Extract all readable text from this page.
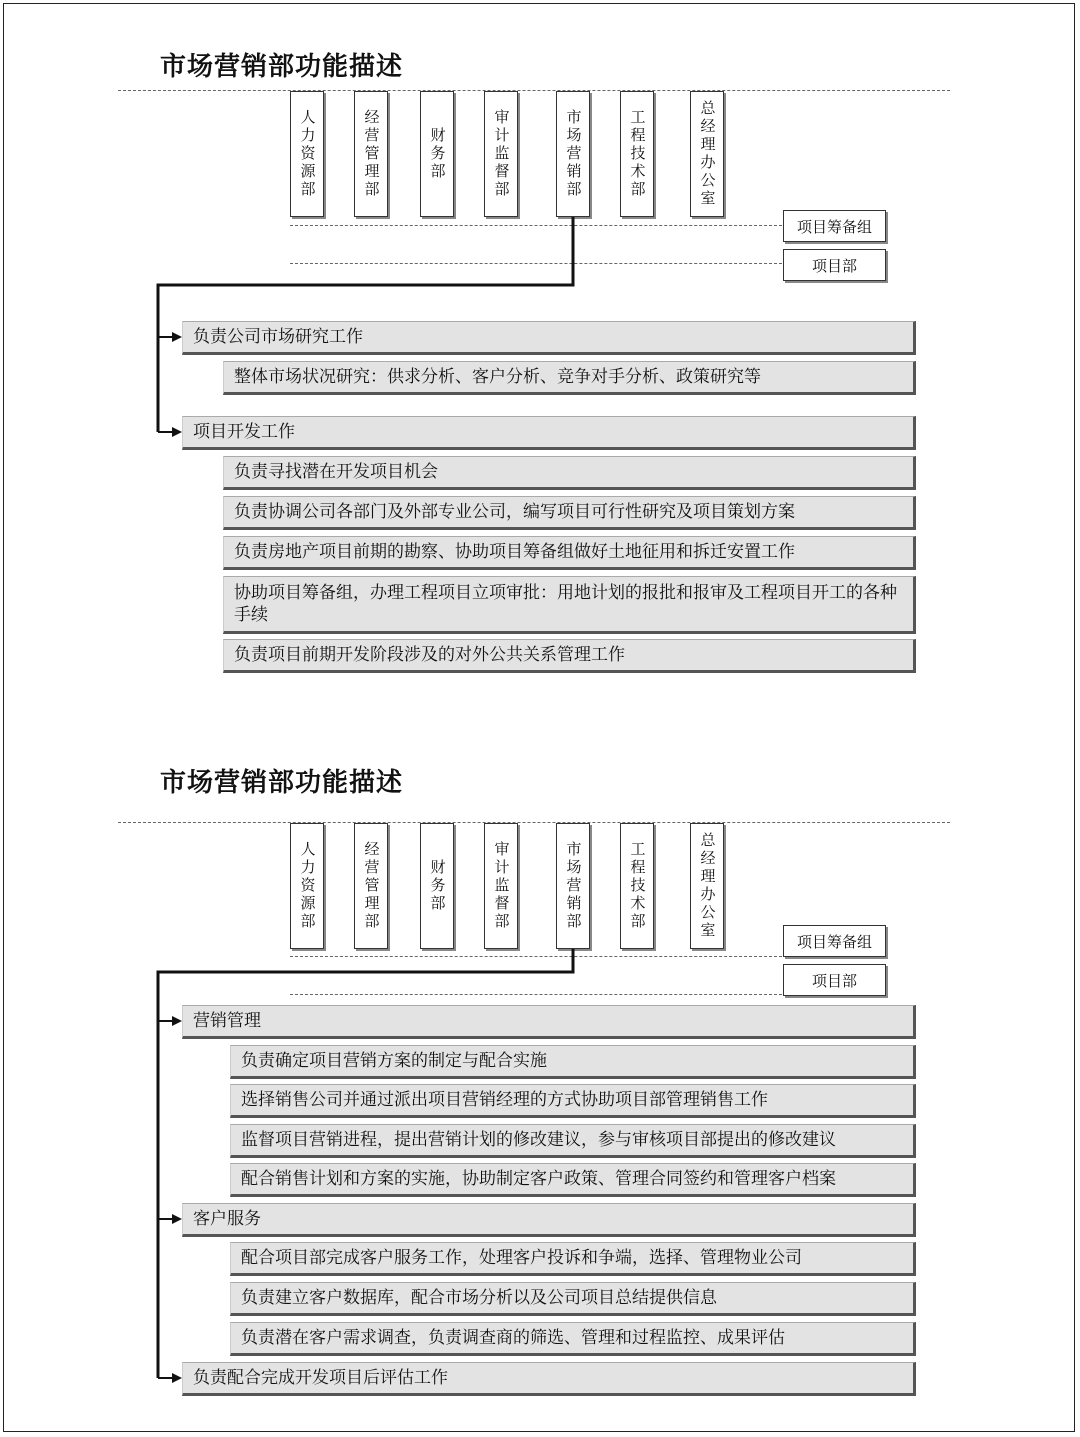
市场营销部功能描述
人力资源部	经营管理部	财务部	审计监督部	市场营销部	工程技术部	总经理办公室
项目筹备组
项目部
负责公司市场研究工作
整体市场状况研究：供求分析、客户分析、竞争对手分析、政策研究等
项目开发工作
负责寻找潜在开发项目机会
负责协调公司各部门及外部专业公司，编写项目可行性研究及项目策划方案
负责房地产项目前期的勘察、协助项目筹备组做好土地征用和拆迁安置工作
协助项目筹备组，办理工程项目立项审批：用地计划的报批和报审及工程项目开工的各种手续
负责项目前期开发阶段涉及的对外公共关系管理工作
市场营销部功能描述
人力资源部	经营管理部	财务部	审计监督部	市场营销部	工程技术部	总经理办公室
项目筹备组
项目部
营销管理
负责确定项目营销方案的制定与配合实施
选择销售公司并通过派出项目营销经理的方式协助项目部管理销售工作
监督项目营销进程，提出营销计划的修改建议，参与审核项目部提出的修改建议
配合销售计划和方案的实施，协助制定客户政策、管理合同签约和管理客户档案
客户服务
配合项目部完成客户服务工作，处理客户投诉和争端，选择、管理物业公司
负责建立客户数据库，配合市场分析以及公司项目总结提供信息
负责潜在客户需求调查，负责调查商的筛选、管理和过程监控、成果评估
负责配合完成开发项目后评估工作
